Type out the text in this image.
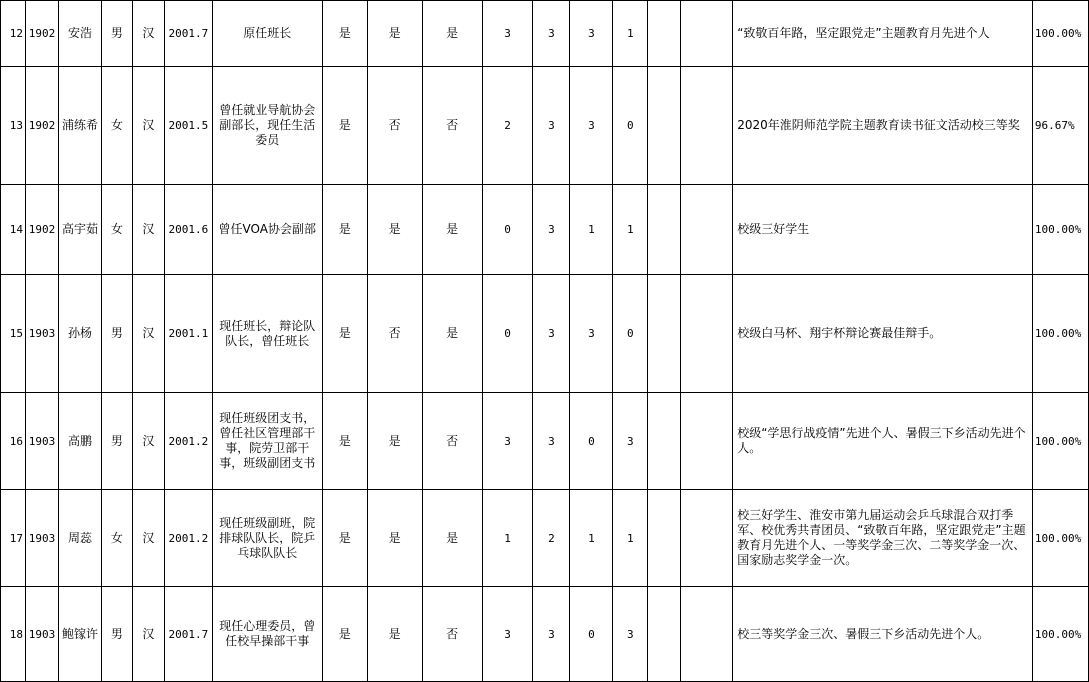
12	1902	安浩	男	汉	2001.7	原任班长	是	是	是	3	3	3	1			“致敬百年路，坚定跟党走”主题教育月先进个人	100.00%
13	1902	浦练希	女	汉	2001.5	曾任就业导航协会副部长，现任生活委员	是	否	否	2	3	3	0			2020年淮阴师范学院主题教育读书征文活动校三等奖	96.67%
14	1902	高宇茹	女	汉	2001.6	曾任VOA协会副部	是	是	是	0	3	1	1			校级三好学生	100.00%
15	1903	孙杨	男	汉	2001.1	现任班长，辩论队队长，曾任班长	是	否	是	0	3	3	0			校级白马杯、翔宇杯辩论赛最佳辩手。	100.00%
16	1903	高鹏	男	汉	2001.2	现任班级团支书，曾任社区管理部干事，院劳卫部干事，班级副团支书	是	是	否	3	3	0	3			校级“学思行战疫情”先进个人、暑假三下乡活动先进个人。	100.00%
17	1903	周蕊	女	汉	2001.2	现任班级副班，院排球队队长，院乒乓球队队长	是	是	是	1	2	1	1			校三好学生、淮安市第九届运动会乒乓球混合双打季军、校优秀共青团员、“致敬百年路，坚定跟党走”主题教育月先进个人、一等奖学金三次、二等奖学金一次、国家励志奖学金一次。	100.00%
18	1903	鲍镓许	男	汉	2001.7	现任心理委员，曾任校早操部干事	是	是	否	3	3	0	3			校三等奖学金三次、暑假三下乡活动先进个人。	100.00%
